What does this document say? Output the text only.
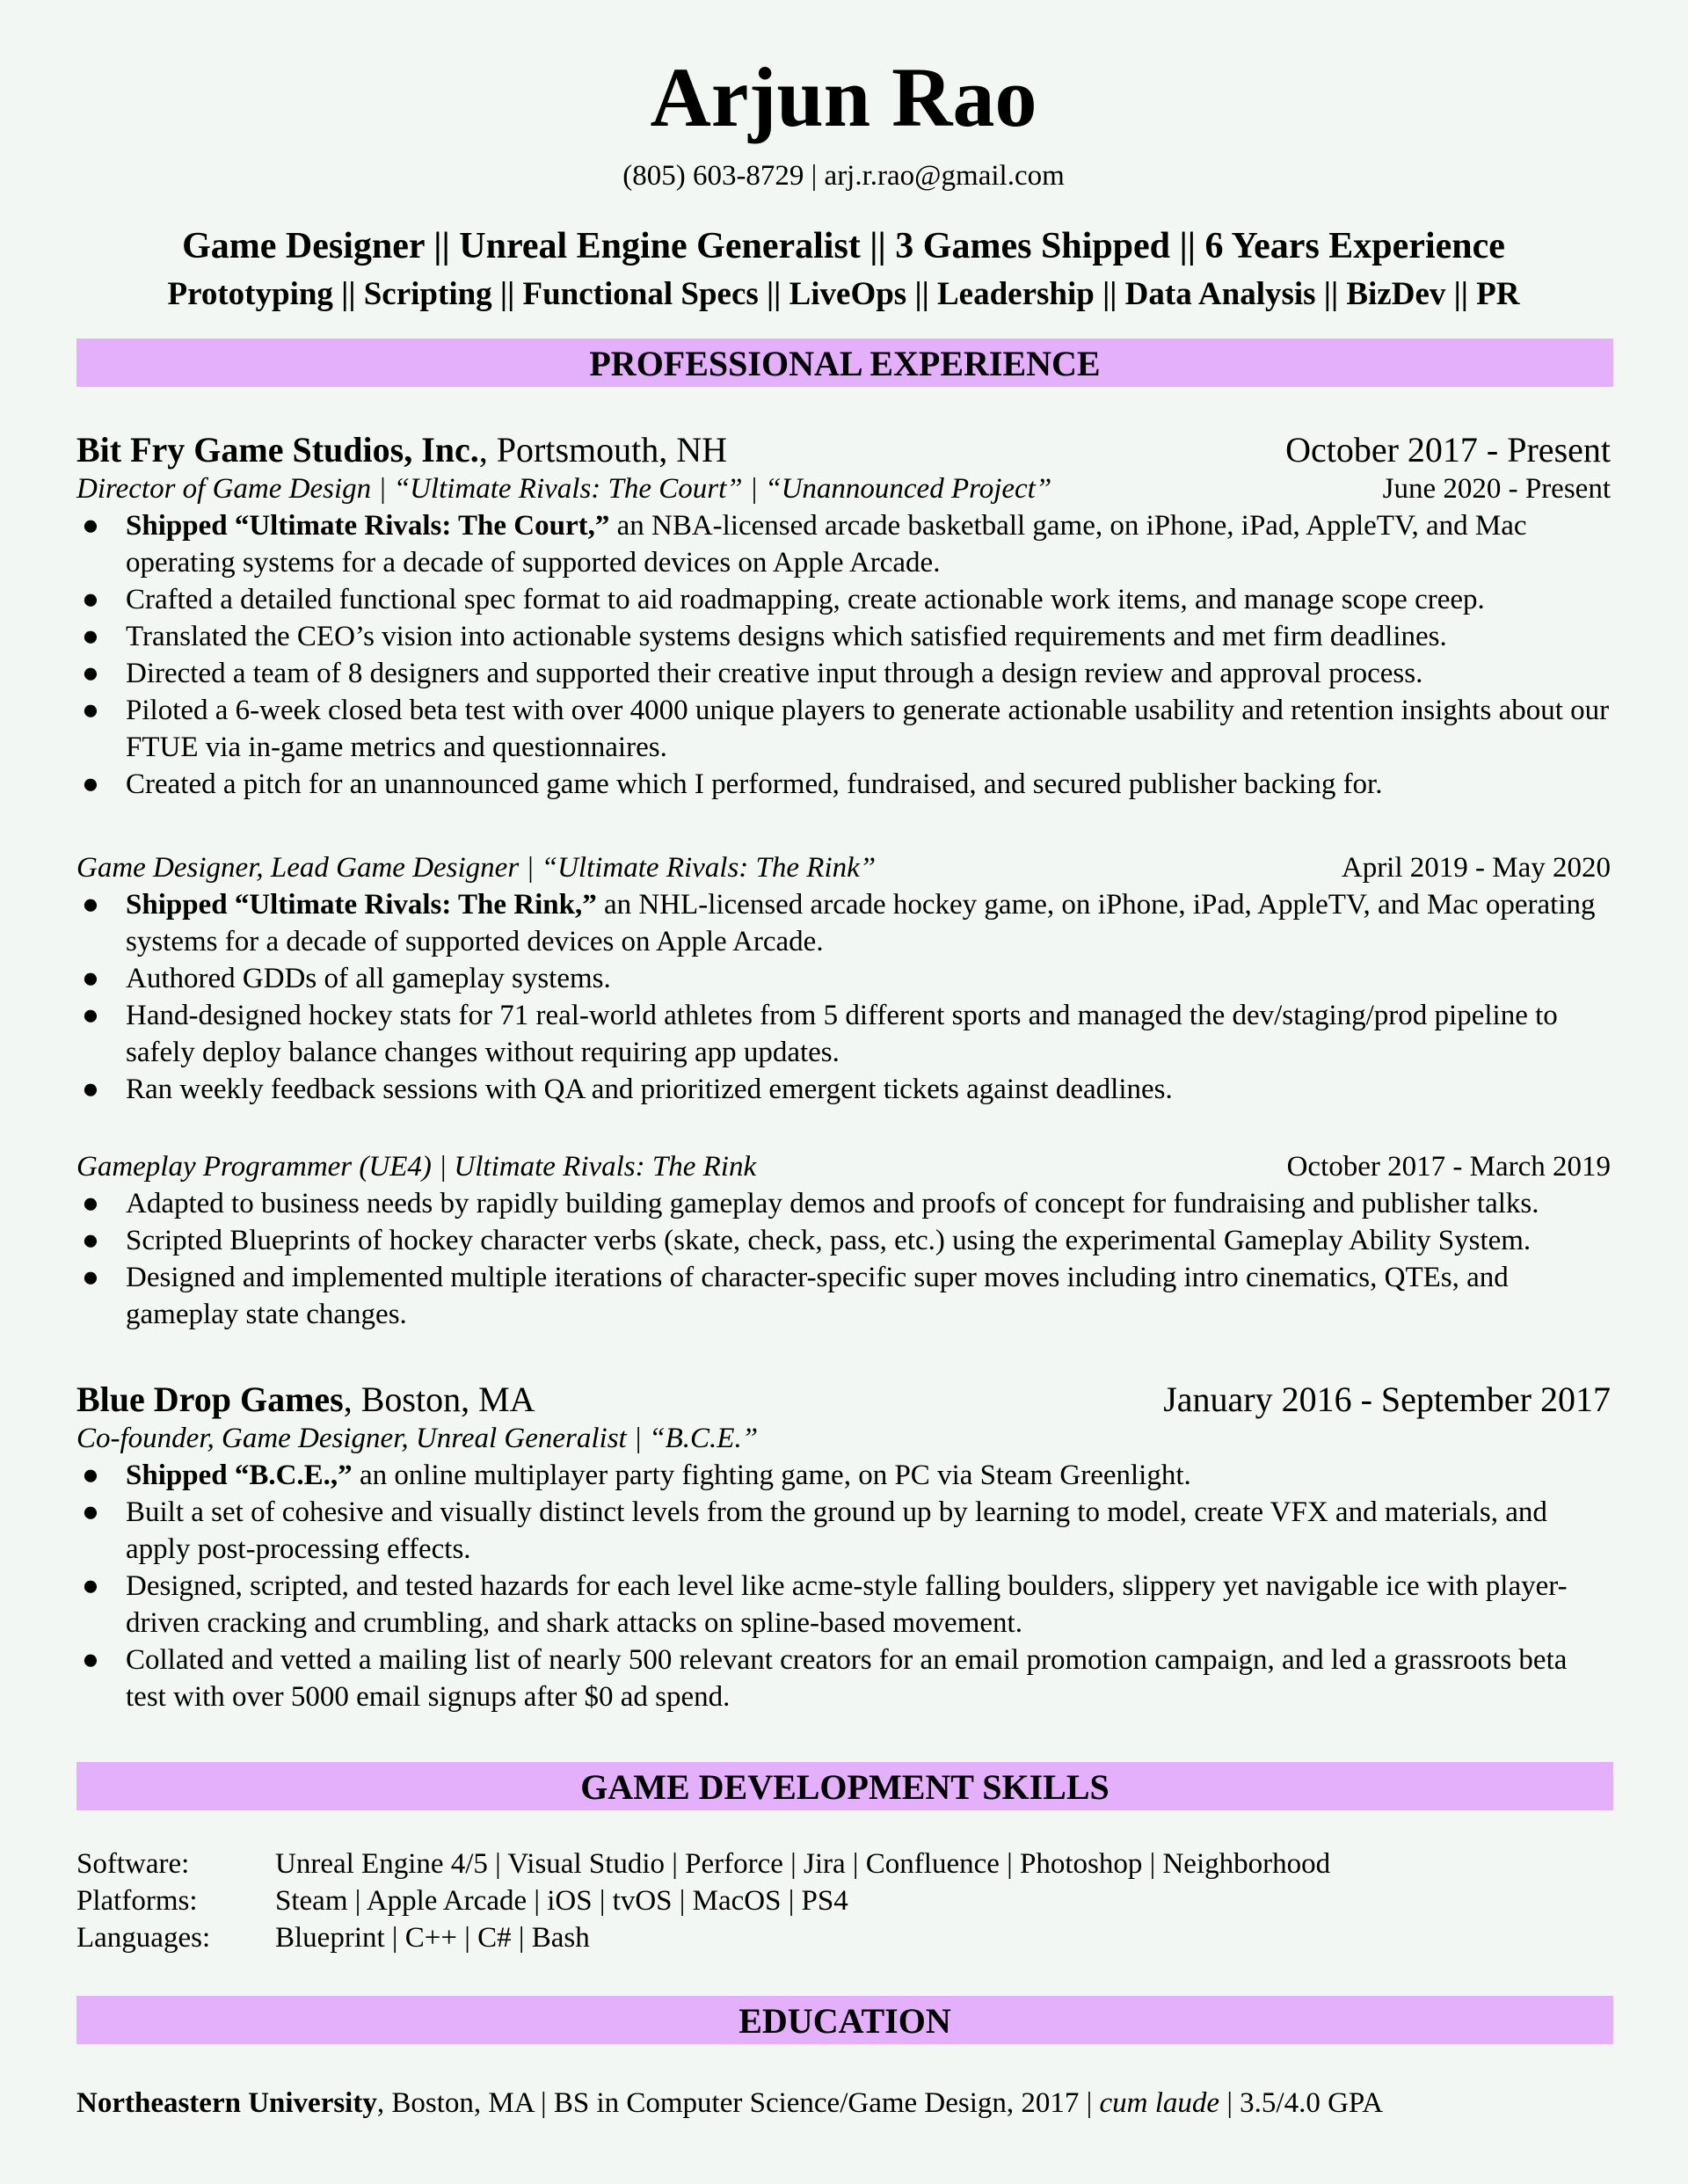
Arjun Rao
(805) 603-8729 | arj.r.rao@gmail.com
Game Designer || Unreal Engine Generalist || 3 Games Shipped || 6 Years Experience
Prototyping || Scripting || Functional Specs || LiveOps || Leadership || Data Analysis || BizDev || PR
PROFESSIONAL EXPERIENCE
Bit Fry Game Studios, Inc., Portsmouth, NH	October 2017 - Present
Director of Game Design | “Ultimate Rivals: The Court” | “Unannounced Project”	June 2020 - Present
● Shipped “Ultimate Rivals: The Court,” an NBA-licensed arcade basketball game, on iPhone, iPad, AppleTV, and Mac operating systems for a decade of supported devices on Apple Arcade.
● Crafted a detailed functional spec format to aid roadmapping, create actionable work items, and manage scope creep.
● Translated the CEO’s vision into actionable systems designs which satisfied requirements and met firm deadlines.
● Directed a team of 8 designers and supported their creative input through a design review and approval process.
● Piloted a 6-week closed beta test with over 4000 unique players to generate actionable usability and retention insights about our FTUE via in-game metrics and questionnaires.
● Created a pitch for an unannounced game which I performed, fundraised, and secured publisher backing for.
Game Designer, Lead Game Designer | “Ultimate Rivals: The Rink”	April 2019 - May 2020
● Shipped “Ultimate Rivals: The Rink,” an NHL-licensed arcade hockey game, on iPhone, iPad, AppleTV, and Mac operating systems for a decade of supported devices on Apple Arcade.
● Authored GDDs of all gameplay systems.
● Hand-designed hockey stats for 71 real-world athletes from 5 different sports and managed the dev/staging/prod pipeline to safely deploy balance changes without requiring app updates.
● Ran weekly feedback sessions with QA and prioritized emergent tickets against deadlines.
Gameplay Programmer (UE4) | Ultimate Rivals: The Rink	October 2017 - March 2019
● Adapted to business needs by rapidly building gameplay demos and proofs of concept for fundraising and publisher talks.
● Scripted Blueprints of hockey character verbs (skate, check, pass, etc.) using the experimental Gameplay Ability System.
● Designed and implemented multiple iterations of character-specific super moves including intro cinematics, QTEs, and gameplay state changes.
Blue Drop Games, Boston, MA	January 2016 - September 2017
Co-founder, Game Designer, Unreal Generalist | “B.C.E.”
● Shipped “B.C.E.,” an online multiplayer party fighting game, on PC via Steam Greenlight.
● Built a set of cohesive and visually distinct levels from the ground up by learning to model, create VFX and materials, and apply post-processing effects.
● Designed, scripted, and tested hazards for each level like acme-style falling boulders, slippery yet navigable ice with player-driven cracking and crumbling, and shark attacks on spline-based movement.
● Collated and vetted a mailing list of nearly 500 relevant creators for an email promotion campaign, and led a grassroots beta test with over 5000 email signups after $0 ad spend.
GAME DEVELOPMENT SKILLS
Software:	Unreal Engine 4/5 | Visual Studio | Perforce | Jira | Confluence | Photoshop | Neighborhood
Platforms:	Steam | Apple Arcade | iOS | tvOS | MacOS | PS4
Languages:	Blueprint | C++ | C# | Bash
EDUCATION
Northeastern University, Boston, MA | BS in Computer Science/Game Design, 2017 | cum laude | 3.5/4.0 GPA
